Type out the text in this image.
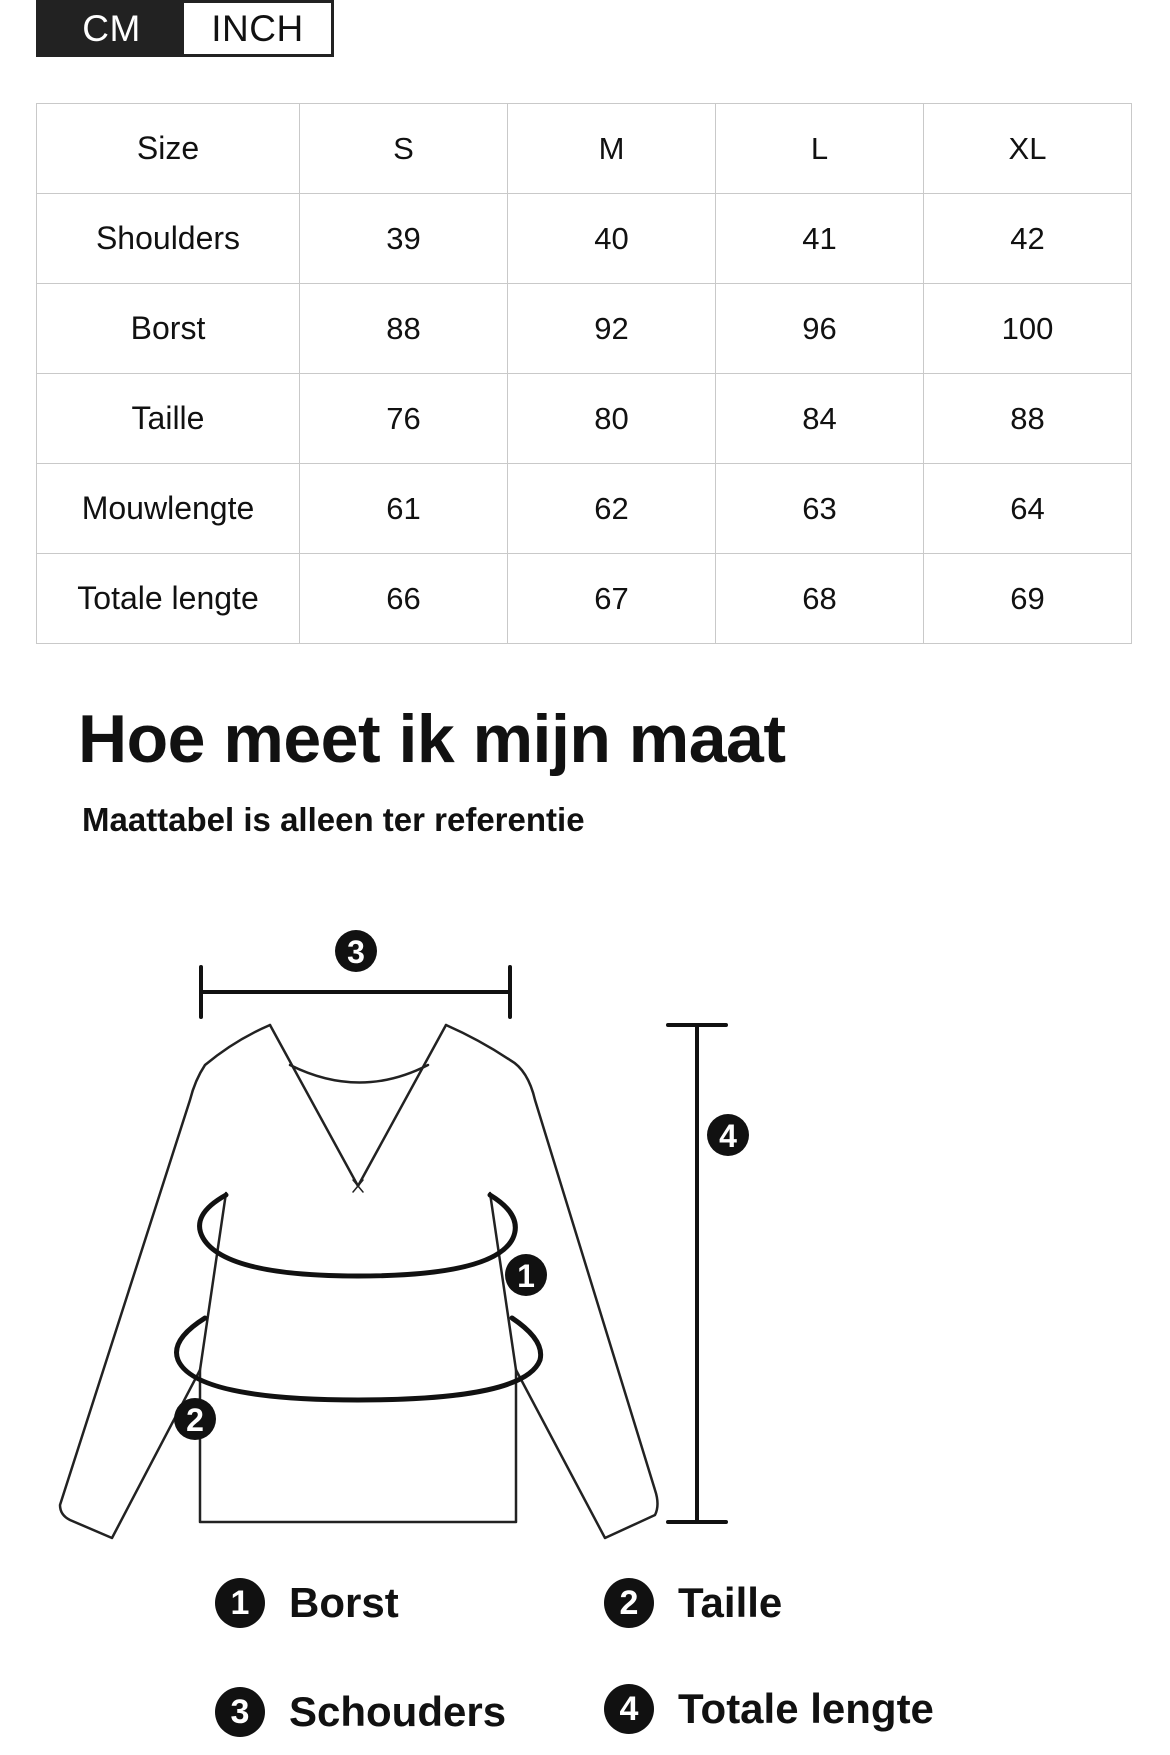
CM	INCH
Size	S	M	L	XL
Shoulders	39	40	41	42
Borst	88	92	96	100
Taille	76	80	84	88
Mouwlengte	61	62	63	64
Totale lengte	66	67	68	69
Hoe meet ik mijn maat

Maattabel is alleen ter referentie

3
4
1
2
1 Borst	2 Taille
3 Schouders	4 Totale lengte
